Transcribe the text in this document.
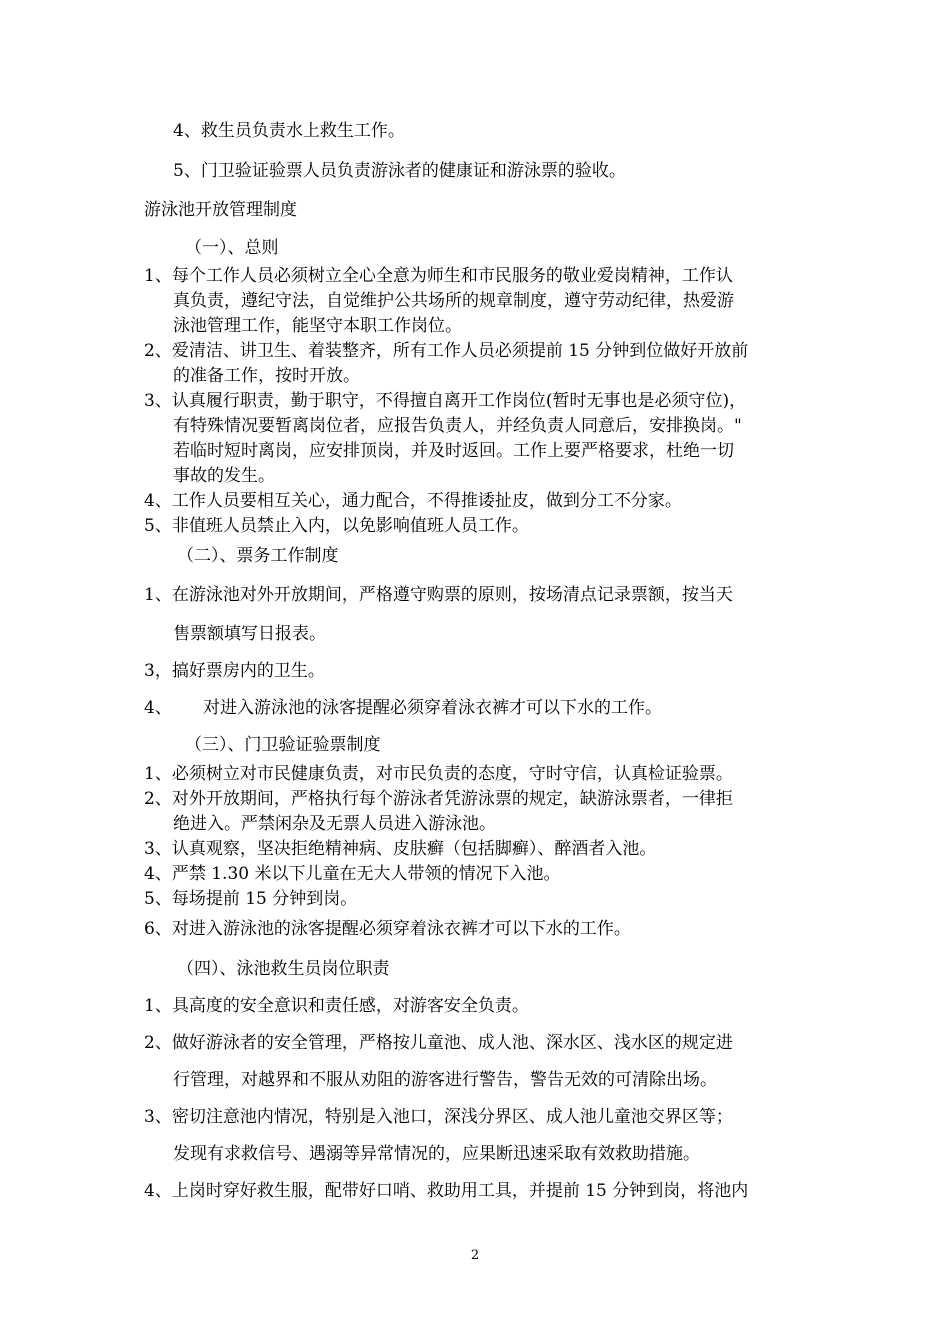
4、救生员负责水上救生工作。
5、门卫验证验票人员负责游泳者的健康证和游泳票的验收。
游泳池开放管理制度
（一）、总则
1、每个工作人员必须树立全心全意为师生和市民服务的敬业爱岗精神，工作认
真负责，遵纪守法，自觉维护公共场所的规章制度，遵守劳动纪律，热爱游
泳池管理工作，能坚守本职工作岗位。
2、爱清洁、讲卫生、着装整齐，所有工作人员必须提前 15 分钟到位做好开放前
的准备工作，按时开放。
3、认真履行职责，勤于职守，不得擅自离开工作岗位(暂时无事也是必须守位)，
有特殊情况要暂离岗位者，应报告负责人，并经负责人同意后，安排换岗。"
若临时短时离岗，应安排顶岗，并及时返回。工作上要严格要求，杜绝一切
事故的发生。
4、工作人员要相互关心，通力配合，不得推诿扯皮，做到分工不分家。
5、非值班人员禁止入内，以免影响值班人员工作。
（二）、票务工作制度
1、在游泳池对外开放期间，严格遵守购票的原则，按场清点记录票额，按当天
售票额填写日报表。
3，搞好票房内的卫生。
4、 对进入游泳池的泳客提醒必须穿着泳衣裤才可以下水的工作。
（三）、门卫验证验票制度
1、必须树立对市民健康负责，对市民负责的态度，守时守信，认真检证验票。
2、对外开放期间，严格执行每个游泳者凭游泳票的规定，缺游泳票者，一律拒
绝进入。严禁闲杂及无票人员进入游泳池。
3、认真观察，坚决拒绝精神病、皮肤癣（包括脚癣）、醉酒者入池。
4、严禁 1.30 米以下儿童在无大人带领的情况下入池。
5、每场提前 15 分钟到岗。
6、对进入游泳池的泳客提醒必须穿着泳衣裤才可以下水的工作。
（四）、泳池救生员岗位职责
1、具高度的安全意识和责任感，对游客安全负责。
2、做好游泳者的安全管理，严格按儿童池、成人池、深水区、浅水区的规定进
行管理，对越界和不服从劝阻的游客进行警告，警告无效的可清除出场。
3、密切注意池内情况，特别是入池口，深浅分界区、成人池儿童池交界区等；
发现有求救信号、遇溺等异常情况的，应果断迅速采取有效救助措施。
4、上岗时穿好救生服，配带好口哨、救助用工具，并提前 15 分钟到岗，将池内
2
